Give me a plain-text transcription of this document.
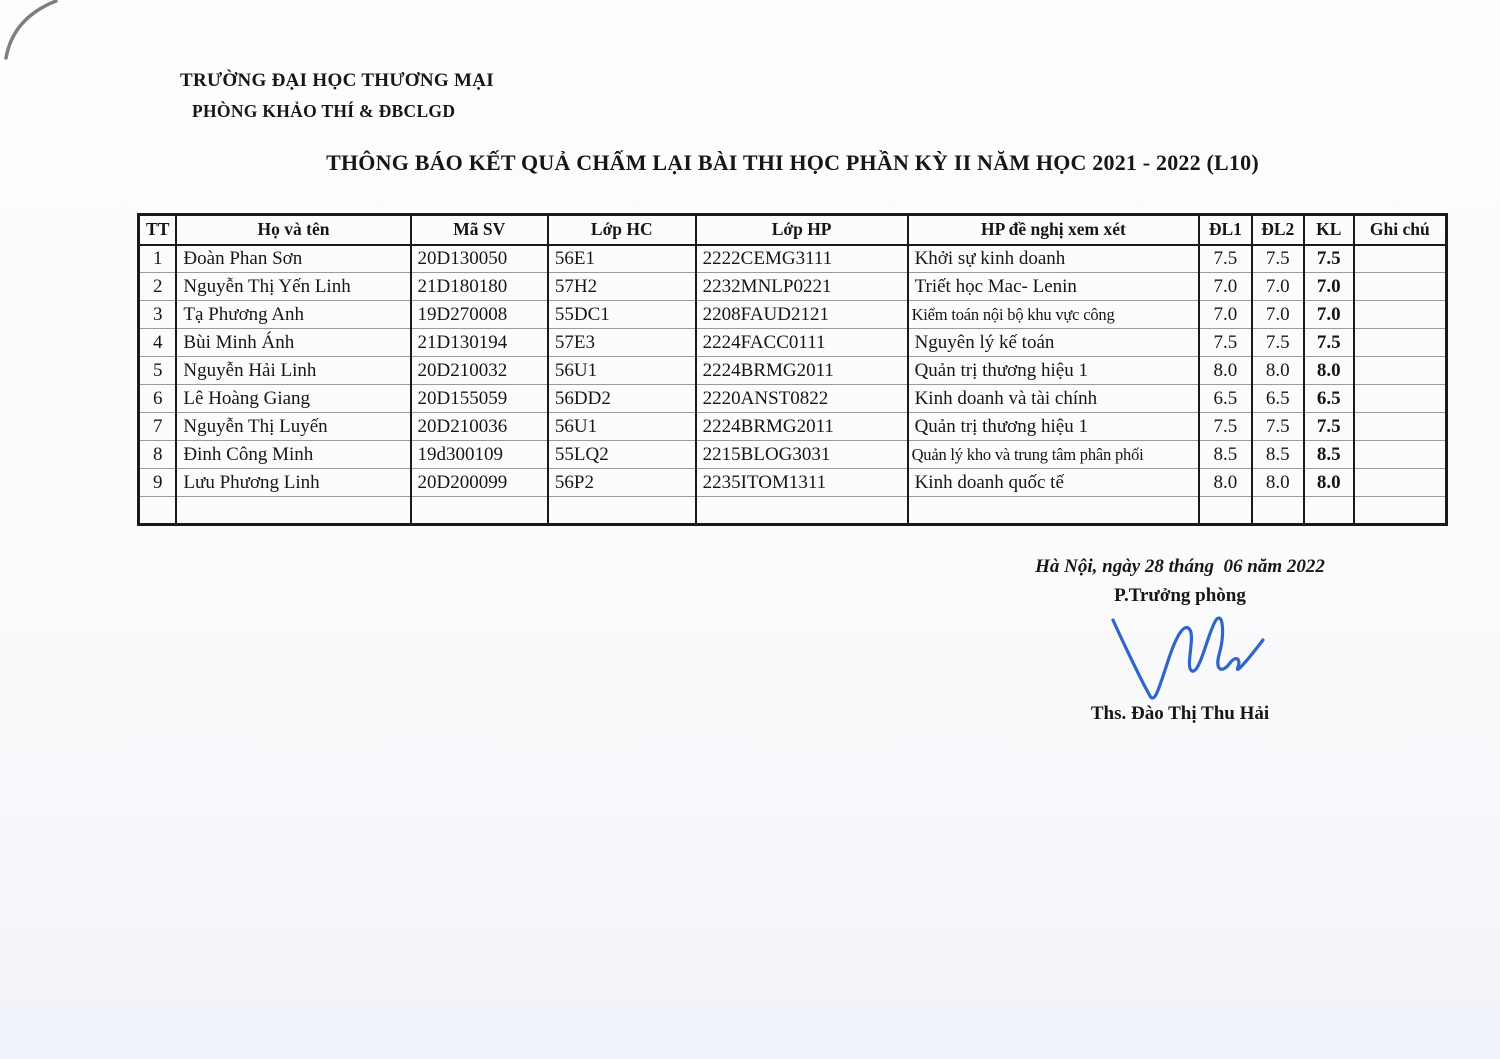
TRƯỜNG ĐẠI HỌC THƯƠNG MẠI
PHÒNG KHẢO THÍ & ĐBCLGD
THÔNG BÁO KẾT QUẢ CHẤM LẠI BÀI THI HỌC PHẦN KỲ II NĂM HỌC 2021 - 2022 (L10)
TT	Họ và tên	Mã SV	Lớp HC	Lớp HP	HP đề nghị xem xét	ĐL1	ĐL2	KL	Ghi chú
1	Đoàn Phan Sơn	20D130050	56E1	2222CEMG3111	Khởi sự kinh doanh	7.5	7.5	7.5	
2	Nguyễn Thị Yến Linh	21D180180	57H2	2232MNLP0221	Triết học Mac- Lenin	7.0	7.0	7.0	
3	Tạ Phương Anh	19D270008	55DC1	2208FAUD2121	Kiểm toán nội bộ khu vực công	7.0	7.0	7.0	
4	Bùi Minh Ánh	21D130194	57E3	2224FACC0111	Nguyên lý kế toán	7.5	7.5	7.5	
5	Nguyễn Hải Linh	20D210032	56U1	2224BRMG2011	Quản trị thương hiệu 1	8.0	8.0	8.0	
6	Lê Hoàng Giang	20D155059	56DD2	2220ANST0822	Kinh doanh và tài chính	6.5	6.5	6.5	
7	Nguyễn Thị Luyến	20D210036	56U1	2224BRMG2011	Quản trị thương hiệu 1	7.5	7.5	7.5	
8	Đinh Công Minh	19d300109	55LQ2	2215BLOG3031	Quản lý kho và trung tâm phân phối	8.5	8.5	8.5	
9	Lưu Phương Linh	20D200099	56P2	2235ITOM1311	Kinh doanh quốc tế	8.0	8.0	8.0	

Hà Nội, ngày 28 tháng  06 năm 2022
P.Trưởng phòng
Ths. Đào Thị Thu Hải
